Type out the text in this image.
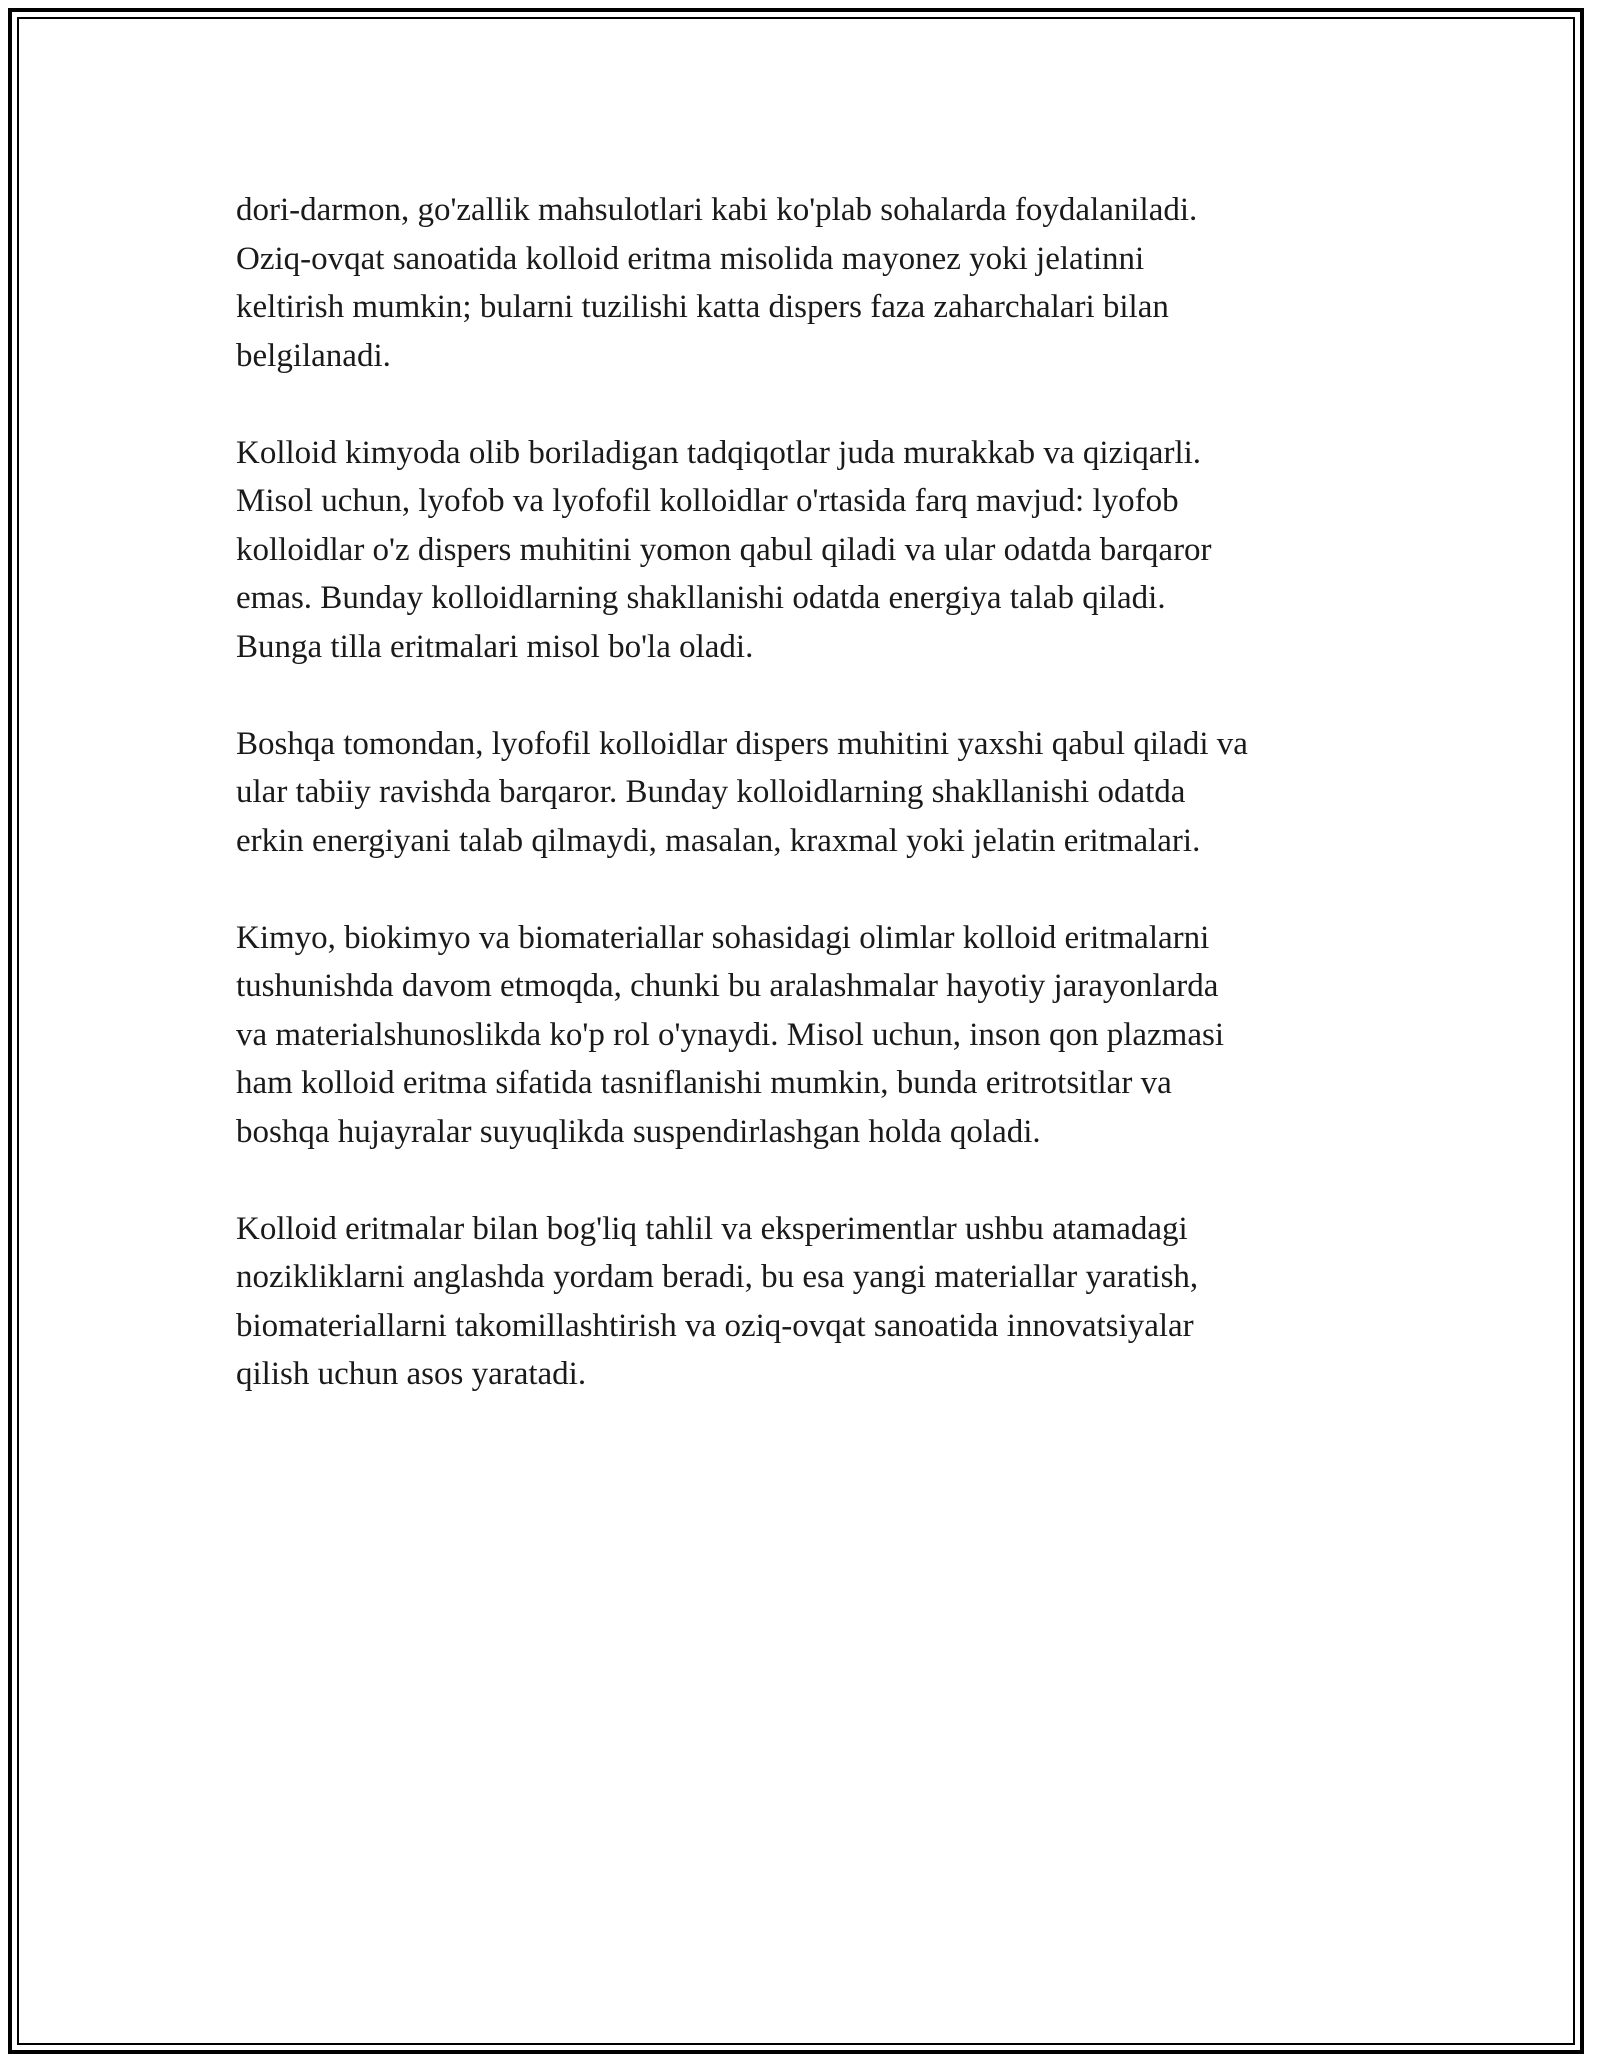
dori-darmon, go'zallik mahsulotlari kabi ko'plab sohalarda foydalaniladi.
Oziq-ovqat sanoatida kolloid eritma misolida mayonez yoki jelatinni
keltirish mumkin; bularni tuzilishi katta dispers faza zaharchalari bilan
belgilanadi.

Kolloid kimyoda olib boriladigan tadqiqotlar juda murakkab va qiziqarli.
Misol uchun, lyofob va lyofofil kolloidlar o'rtasida farq mavjud: lyofob
kolloidlar o'z dispers muhitini yomon qabul qiladi va ular odatda barqaror
emas. Bunday kolloidlarning shakllanishi odatda energiya talab qiladi.
Bunga tilla eritmalari misol bo'la oladi.

Boshqa tomondan, lyofofil kolloidlar dispers muhitini yaxshi qabul qiladi va
ular tabiiy ravishda barqaror. Bunday kolloidlarning shakllanishi odatda
erkin energiyani talab qilmaydi, masalan, kraxmal yoki jelatin eritmalari.

Kimyo, biokimyo va biomateriallar sohasidagi olimlar kolloid eritmalarni
tushunishda davom etmoqda, chunki bu aralashmalar hayotiy jarayonlarda
va materialshunoslikda ko'p rol o'ynaydi. Misol uchun, inson qon plazmasi
ham kolloid eritma sifatida tasniflanishi mumkin, bunda eritrotsitlar va
boshqa hujayralar suyuqlikda suspendirlashgan holda qoladi.

Kolloid eritmalar bilan bog'liq tahlil va eksperimentlar ushbu atamadagi
nozikliklarni anglashda yordam beradi, bu esa yangi materiallar yaratish,
biomateriallarni takomillashtirish va oziq-ovqat sanoatida innovatsiyalar
qilish uchun asos yaratadi.
